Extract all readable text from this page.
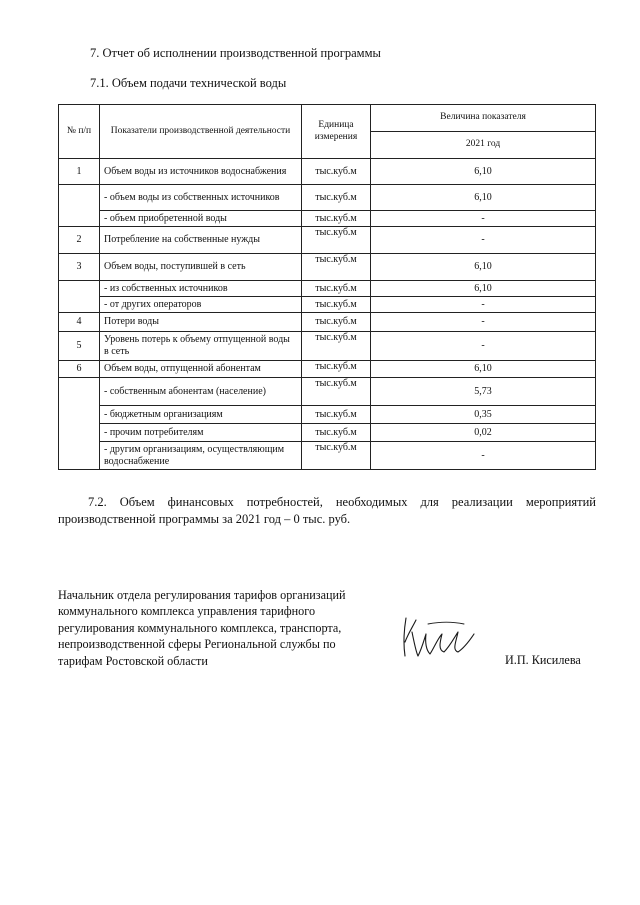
7. Отчет об исполнении производственной программы
7.1. Объем подачи технической воды
№ п/п	Показатели производственной деятельности	Единица измерения	Величина показателя
			2021 год
1	Объем воды из источников водоснабжения	тыс.куб.м	6,10
	- объем воды из собственных источников	тыс.куб.м	6,10
	- объем приобретенной воды	тыс.куб.м	-
2	Потребление на собственные нужды	тыс.куб.м	-
3	Объем воды, поступившей в сеть	тыс.куб.м	6,10
	- из собственных источников	тыс.куб.м	6,10
	- от других операторов	тыс.куб.м	-
4	Потери воды	тыс.куб.м	-
5	Уровень потерь к объему отпущенной воды в сеть	тыс.куб.м	-
6	Объем воды, отпущенной абонентам	тыс.куб.м	6,10
	- собственным абонентам (население)	тыс.куб.м	5,73
	- бюджетным организациям	тыс.куб.м	0,35
	- прочим потребителям	тыс.куб.м	0,02
	- другим организациям, осуществляющим водоснабжение	тыс.куб.м	-
7.2. Объем финансовых потребностей, необходимых для реализации мероприятий производственной программы за 2021 год – 0 тыс. руб.
Начальник отдела регулирования тарифов организаций
коммунального комплекса управления тарифного
регулирования коммунального комплекса, транспорта,
непроизводственной сферы Региональной службы по
тарифам Ростовской области	И.П. Кисилева
